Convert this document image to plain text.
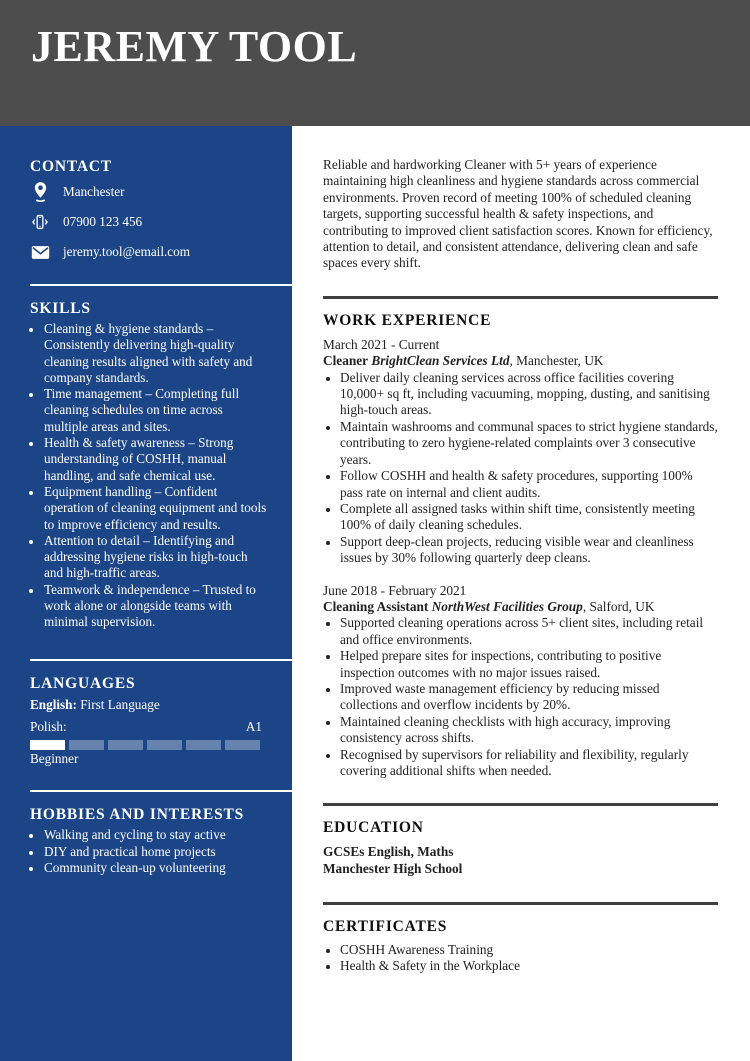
JEREMY TOOL
CONTACT
Manchester
07900 123 456
jeremy.tool@email.com
SKILLS
• Cleaning & hygiene standards – Consistently delivering high-quality cleaning results aligned with safety and company standards.
• Time management – Completing full cleaning schedules on time across multiple areas and sites.
• Health & safety awareness – Strong understanding of COSHH, manual handling, and safe chemical use.
• Equipment handling – Confident operation of cleaning equipment and tools to improve efficiency and results.
• Attention to detail – Identifying and addressing hygiene risks in high-touch and high-traffic areas.
• Teamwork & independence – Trusted to work alone or alongside teams with minimal supervision.
LANGUAGES
English: First Language
Polish:	A1
Beginner
HOBBIES AND INTERESTS
• Walking and cycling to stay active
• DIY and practical home projects
• Community clean-up volunteering

Reliable and hardworking Cleaner with 5+ years of experience maintaining high cleanliness and hygiene standards across commercial environments. Proven record of meeting 100% of scheduled cleaning targets, supporting successful health & safety inspections, and contributing to improved client satisfaction scores. Known for efficiency, attention to detail, and consistent attendance, delivering clean and safe spaces every shift.

WORK EXPERIENCE
March 2021 - Current
Cleaner BrightClean Services Ltd, Manchester, UK
• Deliver daily cleaning services across office facilities covering 10,000+ sq ft, including vacuuming, mopping, dusting, and sanitising high-touch areas.
• Maintain washrooms and communal spaces to strict hygiene standards, contributing to zero hygiene-related complaints over 3 consecutive years.
• Follow COSHH and health & safety procedures, supporting 100% pass rate on internal and client audits.
• Complete all assigned tasks within shift time, consistently meeting 100% of daily cleaning schedules.
• Support deep-clean projects, reducing visible wear and cleanliness issues by 30% following quarterly deep cleans.
June 2018 - February 2021
Cleaning Assistant NorthWest Facilities Group, Salford, UK
• Supported cleaning operations across 5+ client sites, including retail and office environments.
• Helped prepare sites for inspections, contributing to positive inspection outcomes with no major issues raised.
• Improved waste management efficiency by reducing missed collections and overflow incidents by 20%.
• Maintained cleaning checklists with high accuracy, improving consistency across shifts.
• Recognised by supervisors for reliability and flexibility, regularly covering additional shifts when needed.
EDUCATION
GCSEs English, Maths
Manchester High School
CERTIFICATES
• COSHH Awareness Training
• Health & Safety in the Workplace
